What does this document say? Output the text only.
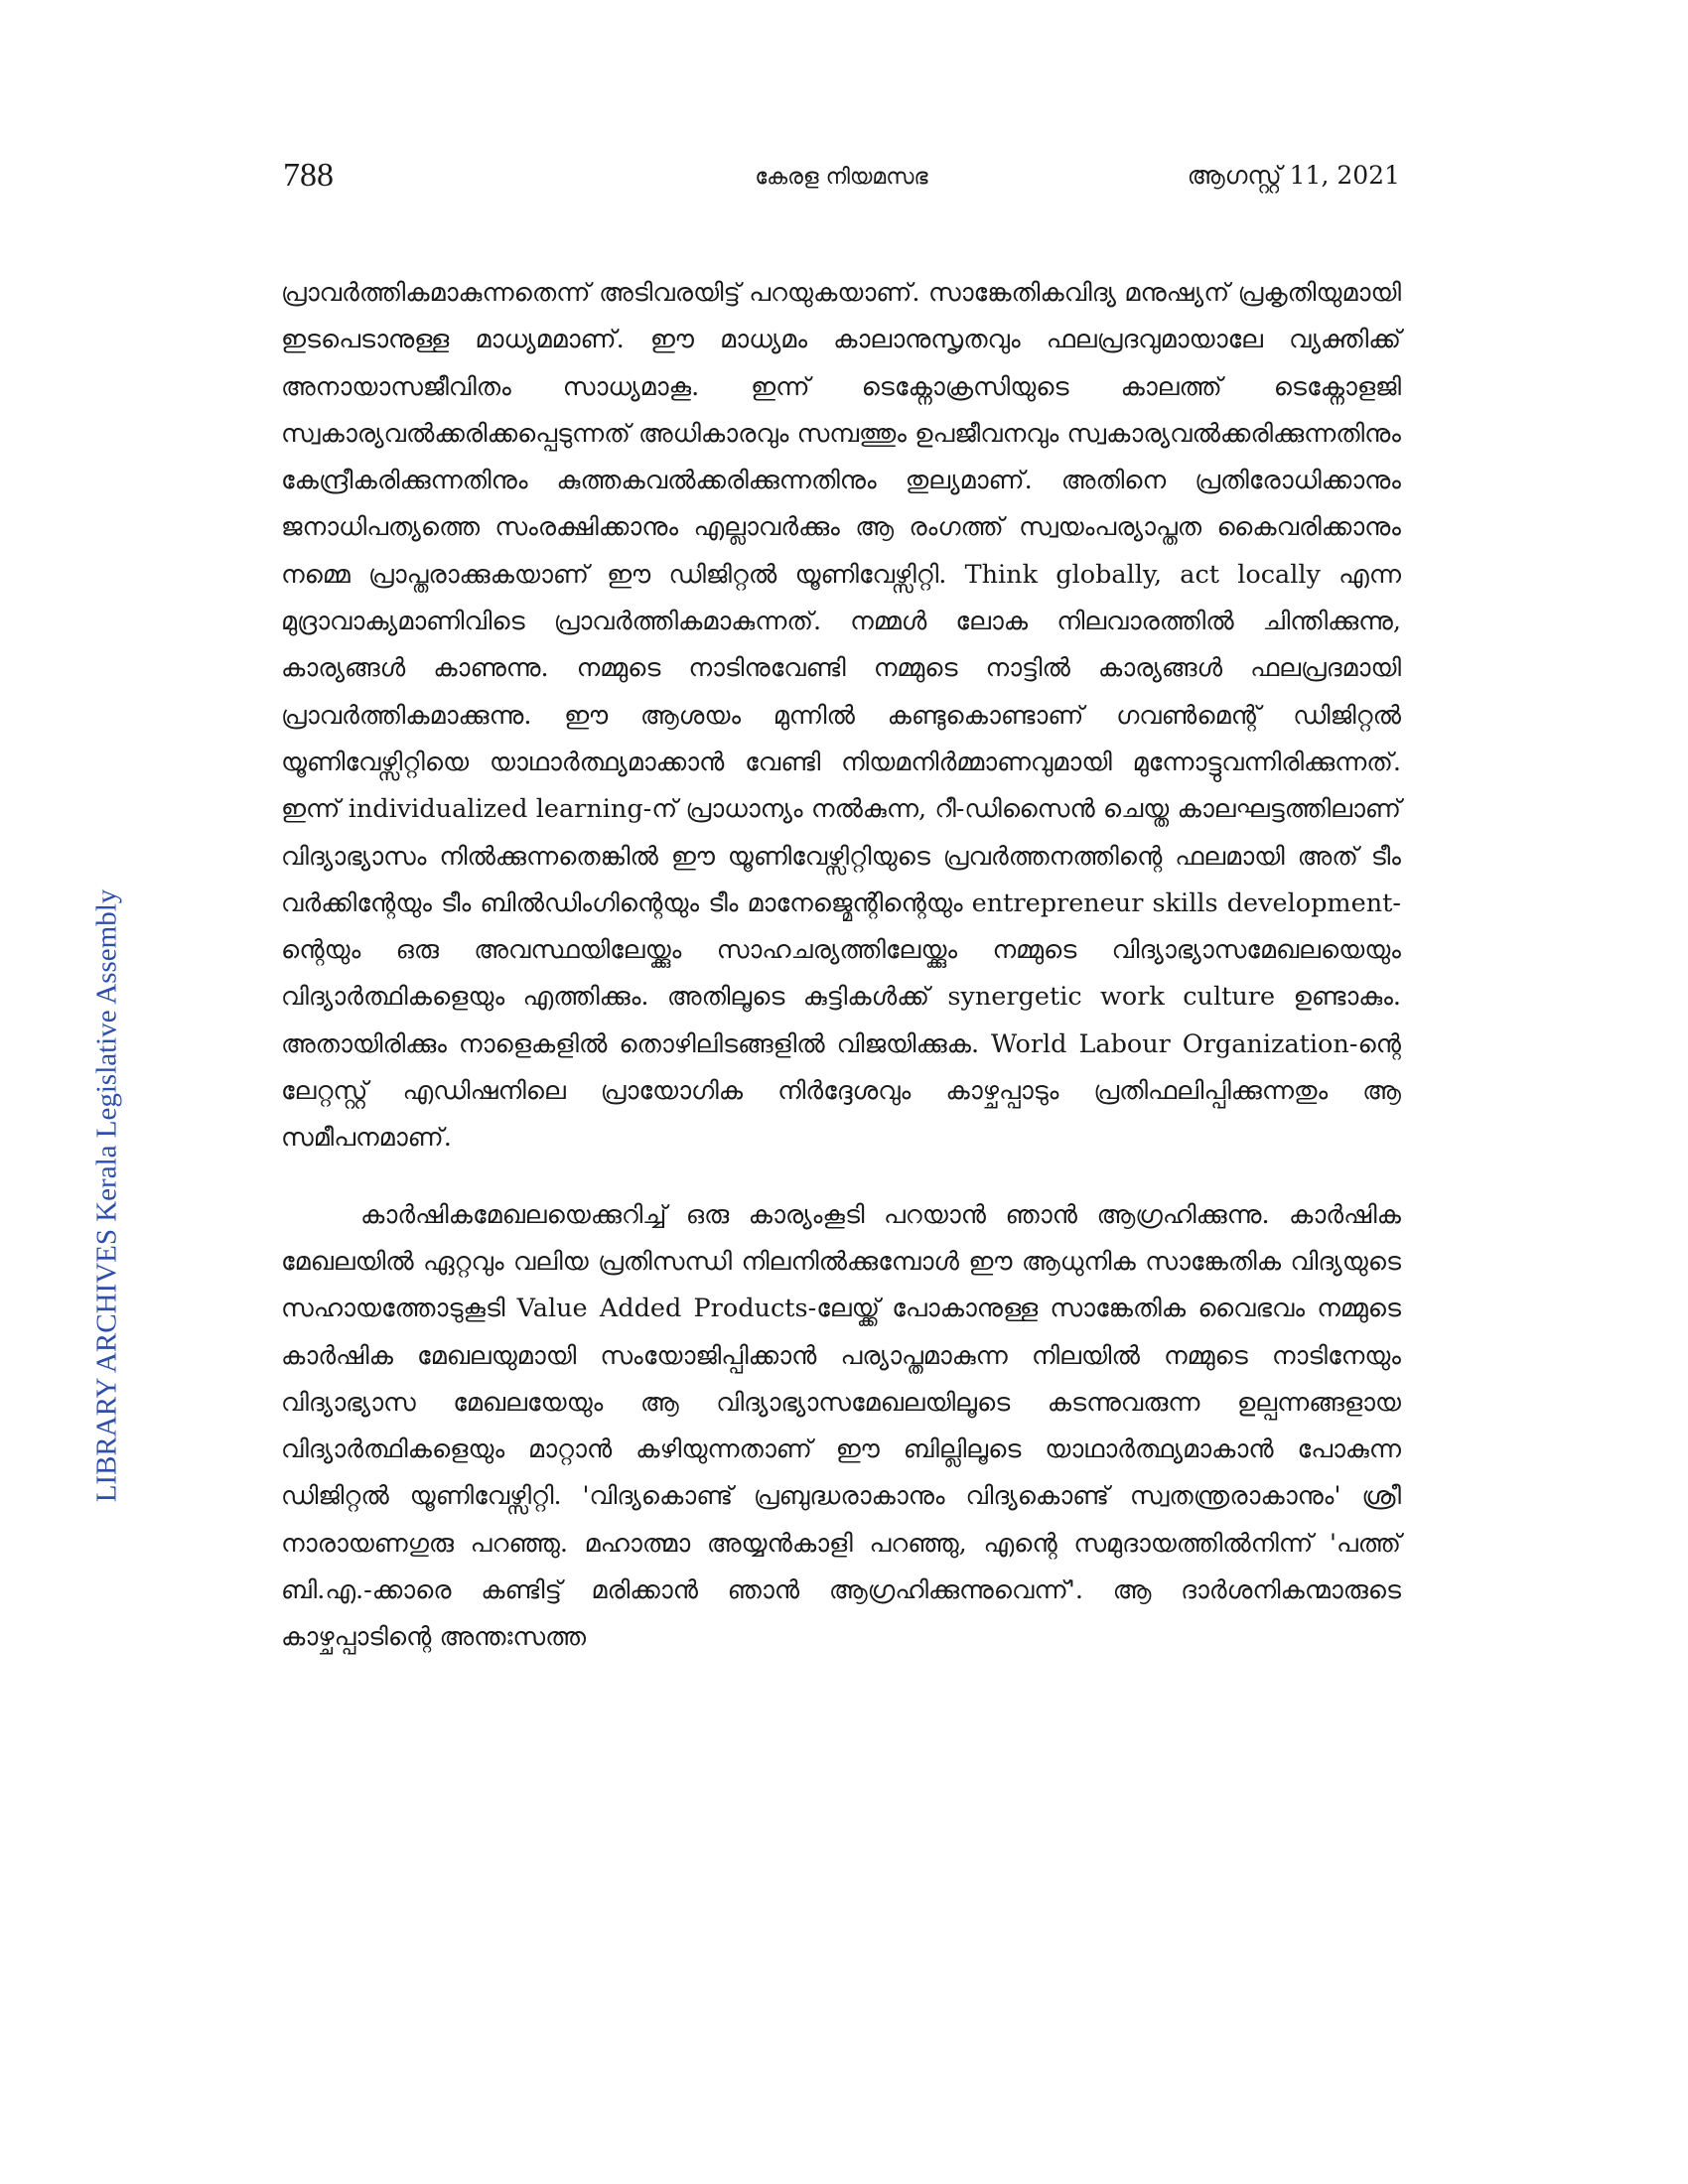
788	കേരള നിയമസഭ	ആഗസ്റ്റ് 11, 2021
LIBRARY ARCHIVES Kerala Legislative Assembly

പ്രാവർത്തികമാകുന്നതെന്ന് അടിവരയിട്ട് പറയുകയാണ്. സാങ്കേതികവിദ്യ മനുഷ്യന് പ്രകൃതിയുമായി ഇടപെടാനുള്ള മാധ്യമമാണ്. ഈ മാധ്യമം കാലാനുസൃതവും ഫലപ്രദവുമായാലേ വ്യക്തിക്ക് അനായാസജീവിതം സാധ്യമാകൂ. ഇന്ന് ടെക്നോക്രസിയുടെ കാലത്ത് ടെക്നോളജി സ്വകാര്യവൽക്കരിക്കപ്പെടുന്നത് അധികാരവും സമ്പത്തും ഉപജീവനവും സ്വകാര്യവൽക്കരിക്കുന്നതിനും കേന്ദ്രീകരിക്കുന്നതിനും കുത്തകവൽക്കരിക്കുന്നതിനും തുല്യമാണ്. അതിനെ പ്രതിരോധിക്കാനും ജനാധിപത്യത്തെ സംരക്ഷിക്കാനും എല്ലാവർക്കും ആ രംഗത്ത് സ്വയംപര്യാപ്തത കൈവരിക്കാനും നമ്മെ പ്രാപ്തരാക്കുകയാണ് ഈ ഡിജിറ്റൽ യൂണിവേഴ്സിറ്റി. Think globally, act locally എന്ന മുദ്രാവാക്യമാണിവിടെ പ്രാവർത്തികമാകുന്നത്. നമ്മൾ ലോക നിലവാരത്തിൽ ചിന്തിക്കുന്നു, കാര്യങ്ങൾ കാണുന്നു. നമ്മുടെ നാടിനുവേണ്ടി നമ്മുടെ നാട്ടിൽ കാര്യങ്ങൾ ഫലപ്രദമായി പ്രാവർത്തികമാക്കുന്നു. ഈ ആശയം മുന്നിൽ കണ്ടുകൊണ്ടാണ് ഗവൺമെന്റ് ഡിജിറ്റൽ യൂണിവേഴ്സിറ്റിയെ യാഥാർത്ഥ്യമാക്കാൻ വേണ്ടി നിയമനിർമ്മാണവുമായി മുന്നോട്ടുവന്നിരിക്കുന്നത്. ഇന്ന് individualized learning-ന് പ്രാധാന്യം നൽകുന്ന, റീ-ഡിസൈൻ ചെയ്ത കാലഘട്ടത്തിലാണ് വിദ്യാഭ്യാസം നിൽക്കുന്നതെങ്കിൽ ഈ യൂണിവേഴ്സിറ്റിയുടെ പ്രവർത്തനത്തിന്റെ ഫലമായി അത് ടീം വർക്കിന്റേയും ടീം ബിൽഡിംഗിന്റെയും ടീം മാനേജ്മെന്റിന്റെയും entrepreneur skills development-ന്റെയും ഒരു അവസ്ഥയിലേയ്ക്കും സാഹചര്യത്തിലേയ്ക്കും നമ്മുടെ വിദ്യാഭ്യാസമേഖലയെയും വിദ്യാർത്ഥികളെയും എത്തിക്കും. അതിലൂടെ കുട്ടികൾക്ക് synergetic work culture ഉണ്ടാകും. അതായിരിക്കും നാളെകളിൽ തൊഴിലിടങ്ങളിൽ വിജയിക്കുക. World Labour Organization-ന്റെ ലേറ്റസ്റ്റ് എഡിഷനിലെ പ്രായോഗിക നിർദ്ദേശവും കാഴ്ചപ്പാടും പ്രതിഫലിപ്പിക്കുന്നതും ആ സമീപനമാണ്.

കാർഷികമേഖലയെക്കുറിച്ച് ഒരു കാര്യംകൂടി പറയാൻ ഞാൻ ആഗ്രഹിക്കുന്നു. കാർഷിക മേഖലയിൽ ഏറ്റവും വലിയ പ്രതിസന്ധി നിലനിൽക്കുമ്പോൾ ഈ ആധുനിക സാങ്കേതിക വിദ്യയുടെ സഹായത്തോടുകൂടി Value Added Products-ലേയ്ക്ക് പോകാനുള്ള സാങ്കേതിക വൈഭവം നമ്മുടെ കാർഷിക മേഖലയുമായി സംയോജിപ്പിക്കാൻ പര്യാപ്തമാകുന്ന നിലയിൽ നമ്മുടെ നാടിനേയും വിദ്യാഭ്യാസ മേഖലയേയും ആ വിദ്യാഭ്യാസമേഖലയിലൂടെ കടന്നുവരുന്ന ഉല്പന്നങ്ങളായ വിദ്യാർത്ഥികളെയും മാറ്റാൻ കഴിയുന്നതാണ് ഈ ബില്ലിലൂടെ യാഥാർത്ഥ്യമാകാൻ പോകുന്ന ഡിജിറ്റൽ യൂണിവേഴ്സിറ്റി. 'വിദ്യകൊണ്ട് പ്രബുദ്ധരാകാനും വിദ്യകൊണ്ട് സ്വതന്ത്രരാകാനും' ശ്രീ നാരായണഗുരു പറഞ്ഞു. മഹാത്മാ അയ്യൻകാളി പറഞ്ഞു, എന്റെ സമുദായത്തിൽനിന്ന് 'പത്ത് ബി.എ.-ക്കാരെ കണ്ടിട്ട് മരിക്കാൻ ഞാൻ ആഗ്രഹിക്കുന്നുവെന്ന്'. ആ ദാർശനികന്മാരുടെ കാഴ്ചപ്പാടിന്റെ അന്തഃസത്ത
